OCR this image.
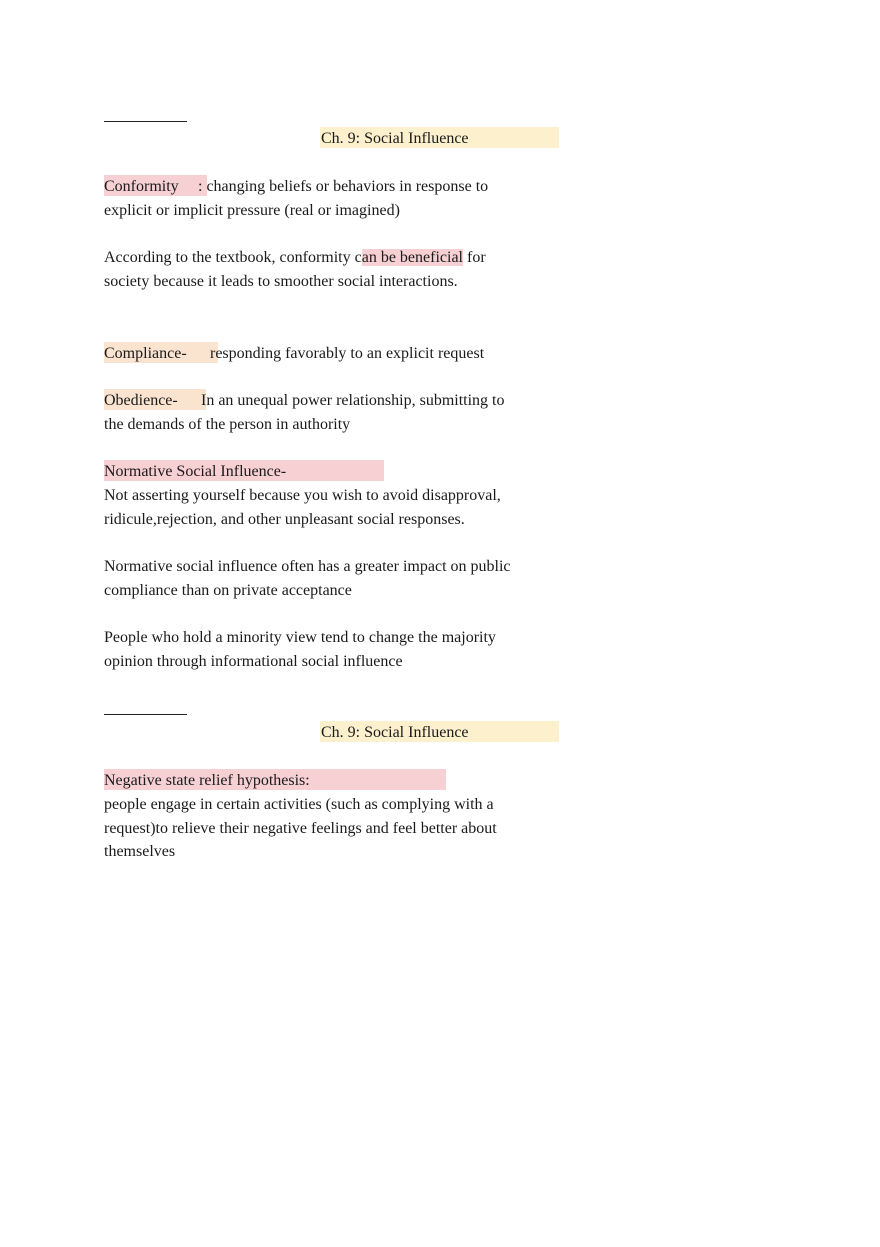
Ch. 9: Social Influence
Conformity : changing beliefs or behaviors in response to
explicit or implicit pressure (real or imagined)
According to the textbook, conformity can be beneficial for
society because it leads to smoother social interactions.
Compliance- responding favorably to an explicit request
Obedience- In an unequal power relationship, submitting to
the demands of the person in authority
Normative Social Influence-
Not asserting yourself because you wish to avoid disapproval,
ridicule,rejection, and other unpleasant social responses.
Normative social influence often has a greater impact on public
compliance than on private acceptance
People who hold a minority view tend to change the majority
opinion through informational social influence
Ch. 9: Social Influence
Negative state relief hypothesis:
people engage in certain activities (such as complying with a
request)to relieve their negative feelings and feel better about
themselves
